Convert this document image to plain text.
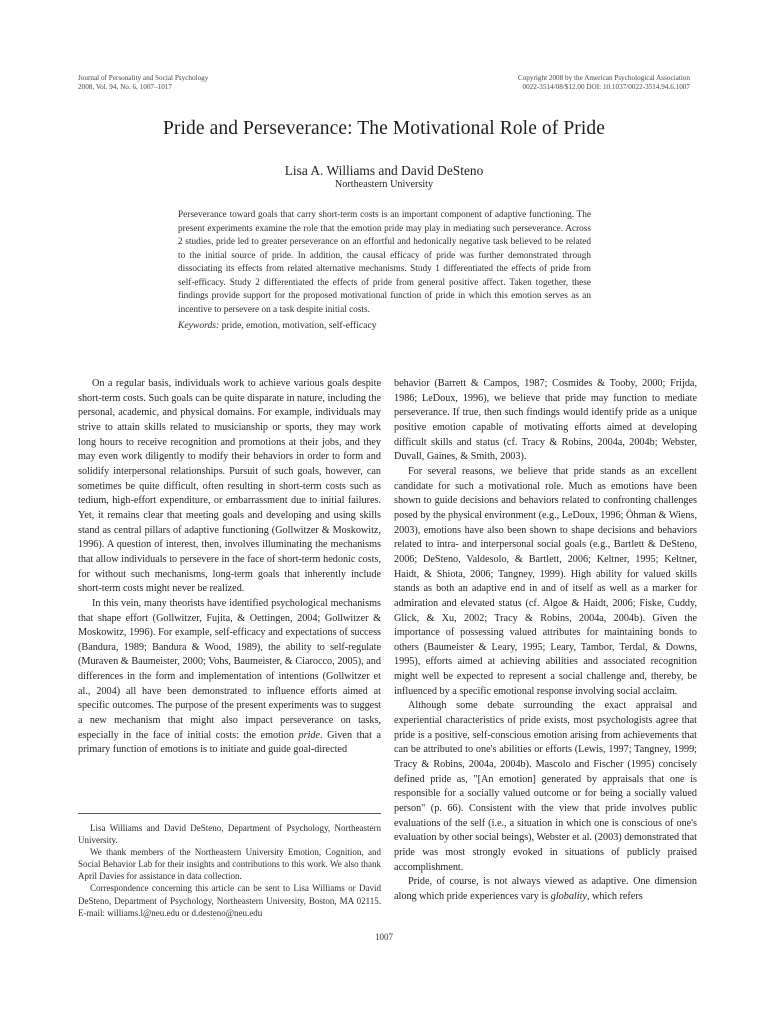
Journal of Personality and Social Psychology
2008, Vol. 94, No. 6, 1007–1017
Copyright 2008 by the American Psychological Association
0022-3514/08/$12.00 DOI: 10.1037/0022-3514.94.6.1007
Pride and Perseverance: The Motivational Role of Pride
Lisa A. Williams and David DeSteno
Northeastern University
Perseverance toward goals that carry short-term costs is an important component of adaptive functioning. The present experiments examine the role that the emotion pride may play in mediating such perseverance. Across 2 studies, pride led to greater perseverance on an effortful and hedonically negative task believed to be related to the initial source of pride. In addition, the causal efficacy of pride was further demonstrated through dissociating its effects from related alternative mechanisms. Study 1 differentiated the effects of pride from self-efficacy. Study 2 differentiated the effects of pride from general positive affect. Taken together, these findings provide support for the proposed motivational function of pride in which this emotion serves as an incentive to persevere on a task despite initial costs.
Keywords: pride, emotion, motivation, self-efficacy

On a regular basis, individuals work to achieve various goals despite short-term costs. Such goals can be quite disparate in nature, including the personal, academic, and physical domains. For example, individuals may strive to attain skills related to musicianship or sports, they may work long hours to receive recognition and promotions at their jobs, and they may even work diligently to modify their behaviors in order to form and solidify interpersonal relationships. Pursuit of such goals, however, can sometimes be quite difficult, often resulting in short-term costs such as tedium, high-effort expenditure, or embarrassment due to initial failures. Yet, it remains clear that meeting goals and developing and using skills stand as central pillars of adaptive functioning (Gollwitzer & Moskowitz, 1996). A question of interest, then, involves illuminating the mechanisms that allow individuals to persevere in the face of short-term hedonic costs, for without such mechanisms, long-term goals that inherently include short-term costs might never be realized.

In this vein, many theorists have identified psychological mechanisms that shape effort (Gollwitzer, Fujita, & Oettingen, 2004; Gollwitzer & Moskowitz, 1996). For example, self-efficacy and expectations of success (Bandura, 1989; Bandura & Wood, 1989), the ability to self-regulate (Muraven & Baumeister, 2000; Vohs, Baumeister, & Ciarocco, 2005), and differences in the form and implementation of intentions (Gollwitzer et al., 2004) all have been demonstrated to influence efforts aimed at specific outcomes. The purpose of the present experiments was to suggest a new mechanism that might also impact perseverance on tasks, especially in the face of initial costs: the emotion pride. Given that a primary function of emotions is to initiate and guide goal-directed

behavior (Barrett & Campos, 1987; Cosmides & Tooby, 2000; Frijda, 1986; LeDoux, 1996), we believe that pride may function to mediate perseverance. If true, then such findings would identify pride as a unique positive emotion capable of motivating efforts aimed at developing difficult skills and status (cf. Tracy & Robins, 2004a, 2004b; Webster, Duvall, Gaines, & Smith, 2003).

For several reasons, we believe that pride stands as an excellent candidate for such a motivational role. Much as emotions have been shown to guide decisions and behaviors related to confronting challenges posed by the physical environment (e.g., LeDoux, 1996; Öhman & Wiens, 2003), emotions have also been shown to shape decisions and behaviors related to intra- and interpersonal social goals (e.g., Bartlett & DeSteno, 2006; DeSteno, Valdesolo, & Bartlett, 2006; Keltner, 1995; Keltner, Haidt, & Shiota, 2006; Tangney, 1999). High ability for valued skills stands as both an adaptive end in and of itself as well as a marker for admiration and elevated status (cf. Algoe & Haidt, 2006; Fiske, Cuddy, Glick, & Xu, 2002; Tracy & Robins, 2004a, 2004b). Given the importance of possessing valued attributes for maintaining bonds to others (Baumeister & Leary, 1995; Leary, Tambor, Terdal, & Downs, 1995), efforts aimed at achieving abilities and associated recognition might well be expected to represent a social challenge and, thereby, be influenced by a specific emotional response involving social acclaim.

Although some debate surrounding the exact appraisal and experiential characteristics of pride exists, most psychologists agree that pride is a positive, self-conscious emotion arising from achievements that can be attributed to one's abilities or efforts (Lewis, 1997; Tangney, 1999; Tracy & Robins, 2004a, 2004b). Mascolo and Fischer (1995) concisely defined pride as, "[An emotion] generated by appraisals that one is responsible for a socially valued outcome or for being a socially valued person" (p. 66). Consistent with the view that pride involves public evaluations of the self (i.e., a situation in which one is conscious of one's evaluation by other social beings), Webster et al. (2003) demonstrated that pride was most strongly evoked in situations of publicly praised accomplishment.

Pride, of course, is not always viewed as adaptive. One dimension along which pride experiences vary is globality, which refers

Lisa Williams and David DeSteno, Department of Psychology, Northeastern University.

We thank members of the Northeastern University Emotion, Cognition, and Social Behavior Lab for their insights and contributions to this work. We also thank April Davies for assistance in data collection.

Correspondence concerning this article can be sent to Lisa Williams or David DeSteno, Department of Psychology, Northeastern University, Boston, MA 02115. E-mail: williams.l@neu.edu or d.desteno@neu.edu

1007
